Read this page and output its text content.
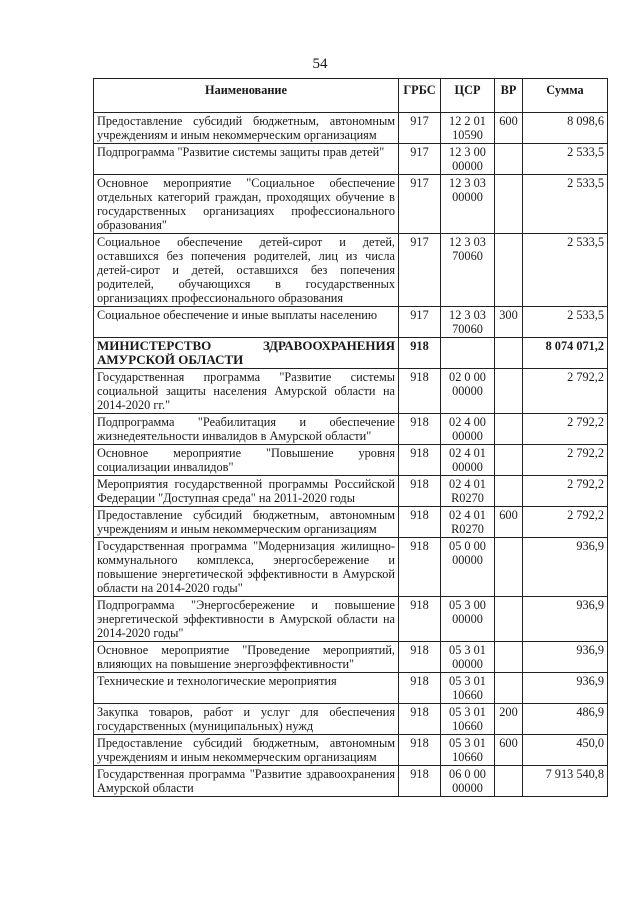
54
Наименование	ГРБС	ЦСР	ВР	Сумма
Предоставление субсидий бюджетным, автономным учреждениям и иным некоммерческим организациям	917	12 2 01 10590	600	8 098,6
Подпрограмма "Развитие системы защиты прав детей"	917	12 3 00 00000		2 533,5
Основное мероприятие "Социальное обеспечение отдельных категорий граждан, проходящих обучение в государственных организациях профессионального образования"	917	12 3 03 00000		2 533,5
Социальное обеспечение детей-сирот и детей, оставшихся без попечения родителей, лиц из числа детей-сирот и детей, оставшихся без попечения родителей, обучающихся в государственных организациях профессионального образования	917	12 3 03 70060		2 533,5
Социальное обеспечение и иные выплаты населению	917	12 3 03 70060	300	2 533,5
МИНИСТЕРСТВО ЗДРАВООХРАНЕНИЯ АМУРСКОЙ ОБЛАСТИ	918			8 074 071,2
Государственная программа "Развитие системы социальной защиты населения Амурской области на 2014-2020 гг."	918	02 0 00 00000		2 792,2
Подпрограмма "Реабилитация и обеспечение жизнедеятельности инвалидов в Амурской области"	918	02 4 00 00000		2 792,2
Основное мероприятие "Повышение уровня социализации инвалидов"	918	02 4 01 00000		2 792,2
Мероприятия государственной программы Российской Федерации "Доступная среда" на 2011-2020 годы	918	02 4 01 R0270		2 792,2
Предоставление субсидий бюджетным, автономным учреждениям и иным некоммерческим организациям	918	02 4 01 R0270	600	2 792,2
Государственная программа "Модернизация жилищно-коммунального комплекса, энергосбережение и повышение энергетической эффективности в Амурской области на 2014-2020 годы"	918	05 0 00 00000		936,9
Подпрограмма "Энергосбережение и повышение энергетической эффективности в Амурской области на 2014-2020 годы"	918	05 3 00 00000		936,9
Основное мероприятие "Проведение мероприятий, влияющих на повышение энергоэффективности"	918	05 3 01 00000		936,9
Технические и технологические мероприятия	918	05 3 01 10660		936,9
Закупка товаров, работ и услуг для обеспечения государственных (муниципальных) нужд	918	05 3 01 10660	200	486,9
Предоставление субсидий бюджетным, автономным учреждениям и иным некоммерческим организациям	918	05 3 01 10660	600	450,0
Государственная программа "Развитие здравоохранения Амурской области	918	06 0 00 00000		7 913 540,8
